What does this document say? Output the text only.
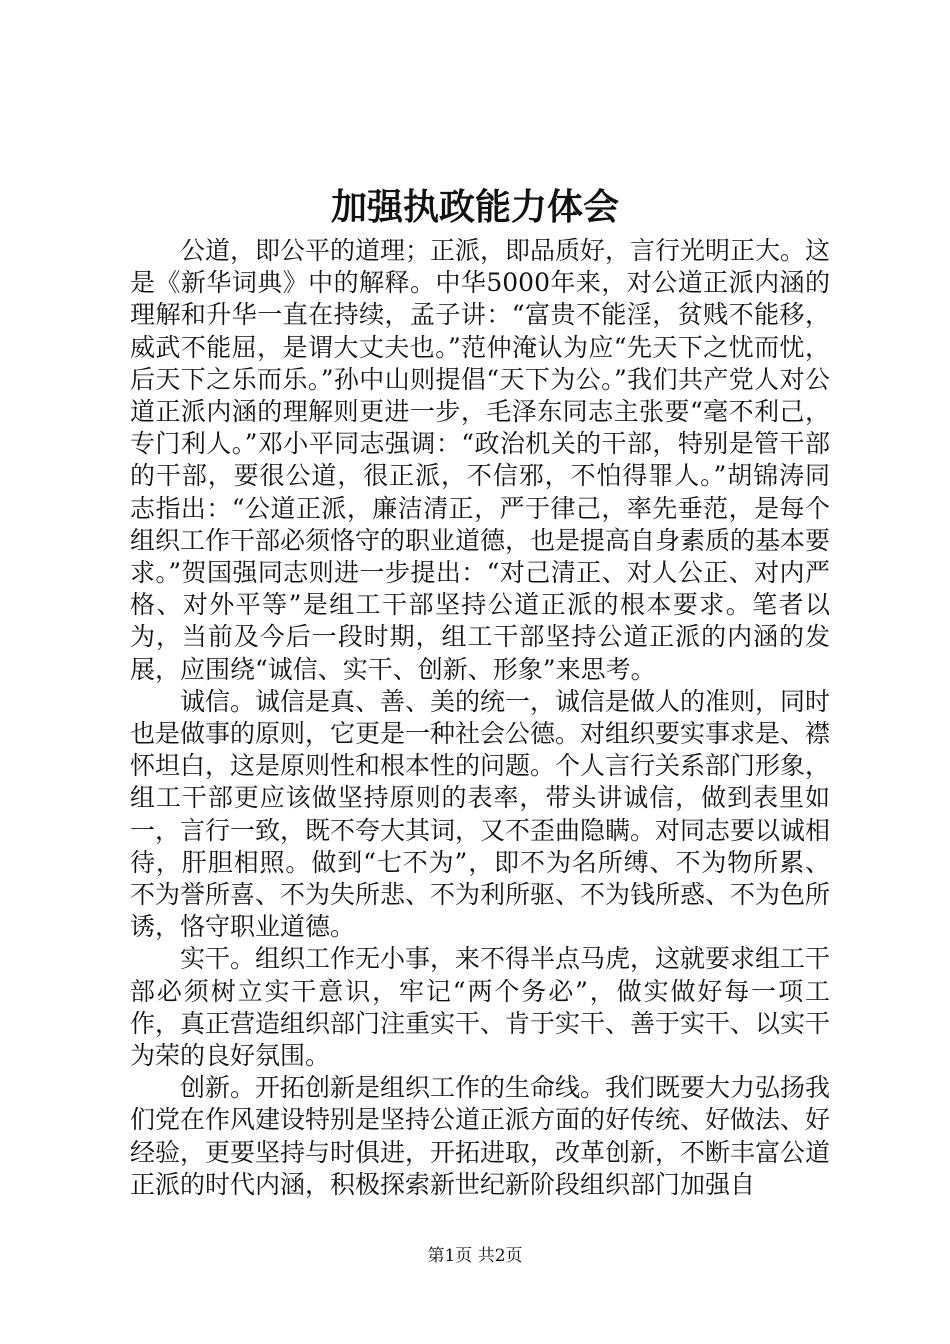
加强执政能力体会

公道，即公平的道理；正派，即品质好，言行光明正大。这是《新华词典》中的解释。中华5000年来，对公道正派内涵的理解和升华一直在持续，孟子讲：“富贵不能淫，贫贱不能移，威武不能屈，是谓大丈夫也。”范仲淹认为应“先天下之忧而忧，后天下之乐而乐。”孙中山则提倡“天下为公。”我们共产党人对公道正派内涵的理解则更进一步，毛泽东同志主张要“毫不利己，专门利人。”邓小平同志强调：“政治机关的干部，特别是管干部的干部，要很公道，很正派，不信邪，不怕得罪人。”胡锦涛同志指出：“公道正派，廉洁清正，严于律己，率先垂范，是每个组织工作干部必须恪守的职业道德，也是提高自身素质的基本要求。”贺国强同志则进一步提出：“对己清正、对人公正、对内严格、对外平等”是组工干部坚持公道正派的根本要求。笔者以为，当前及今后一段时期，组工干部坚持公道正派的内涵的发展，应围绕“诚信、实干、创新、形象”来思考。

诚信。诚信是真、善、美的统一，诚信是做人的准则，同时也是做事的原则，它更是一种社会公德。对组织要实事求是、襟怀坦白，这是原则性和根本性的问题。个人言行关系部门形象，组工干部更应该做坚持原则的表率，带头讲诚信，做到表里如一，言行一致，既不夸大其词，又不歪曲隐瞒。对同志要以诚相待，肝胆相照。做到“七不为”，即不为名所缚、不为物所累、不为誉所喜、不为失所悲、不为利所驱、不为钱所惑、不为色所诱，恪守职业道德。

实干。组织工作无小事，来不得半点马虎，这就要求组工干部必须树立实干意识，牢记“两个务必”，做实做好每一项工作，真正营造组织部门注重实干、肯于实干、善于实干、以实干为荣的良好氛围。

创新。开拓创新是组织工作的生命线。我们既要大力弘扬我们党在作风建设特别是坚持公道正派方面的好传统、好做法、好经验，更要坚持与时俱进，开拓进取，改革创新，不断丰富公道正派的时代内涵，积极探索新世纪新阶段组织部门加强自

第1页 共2页
